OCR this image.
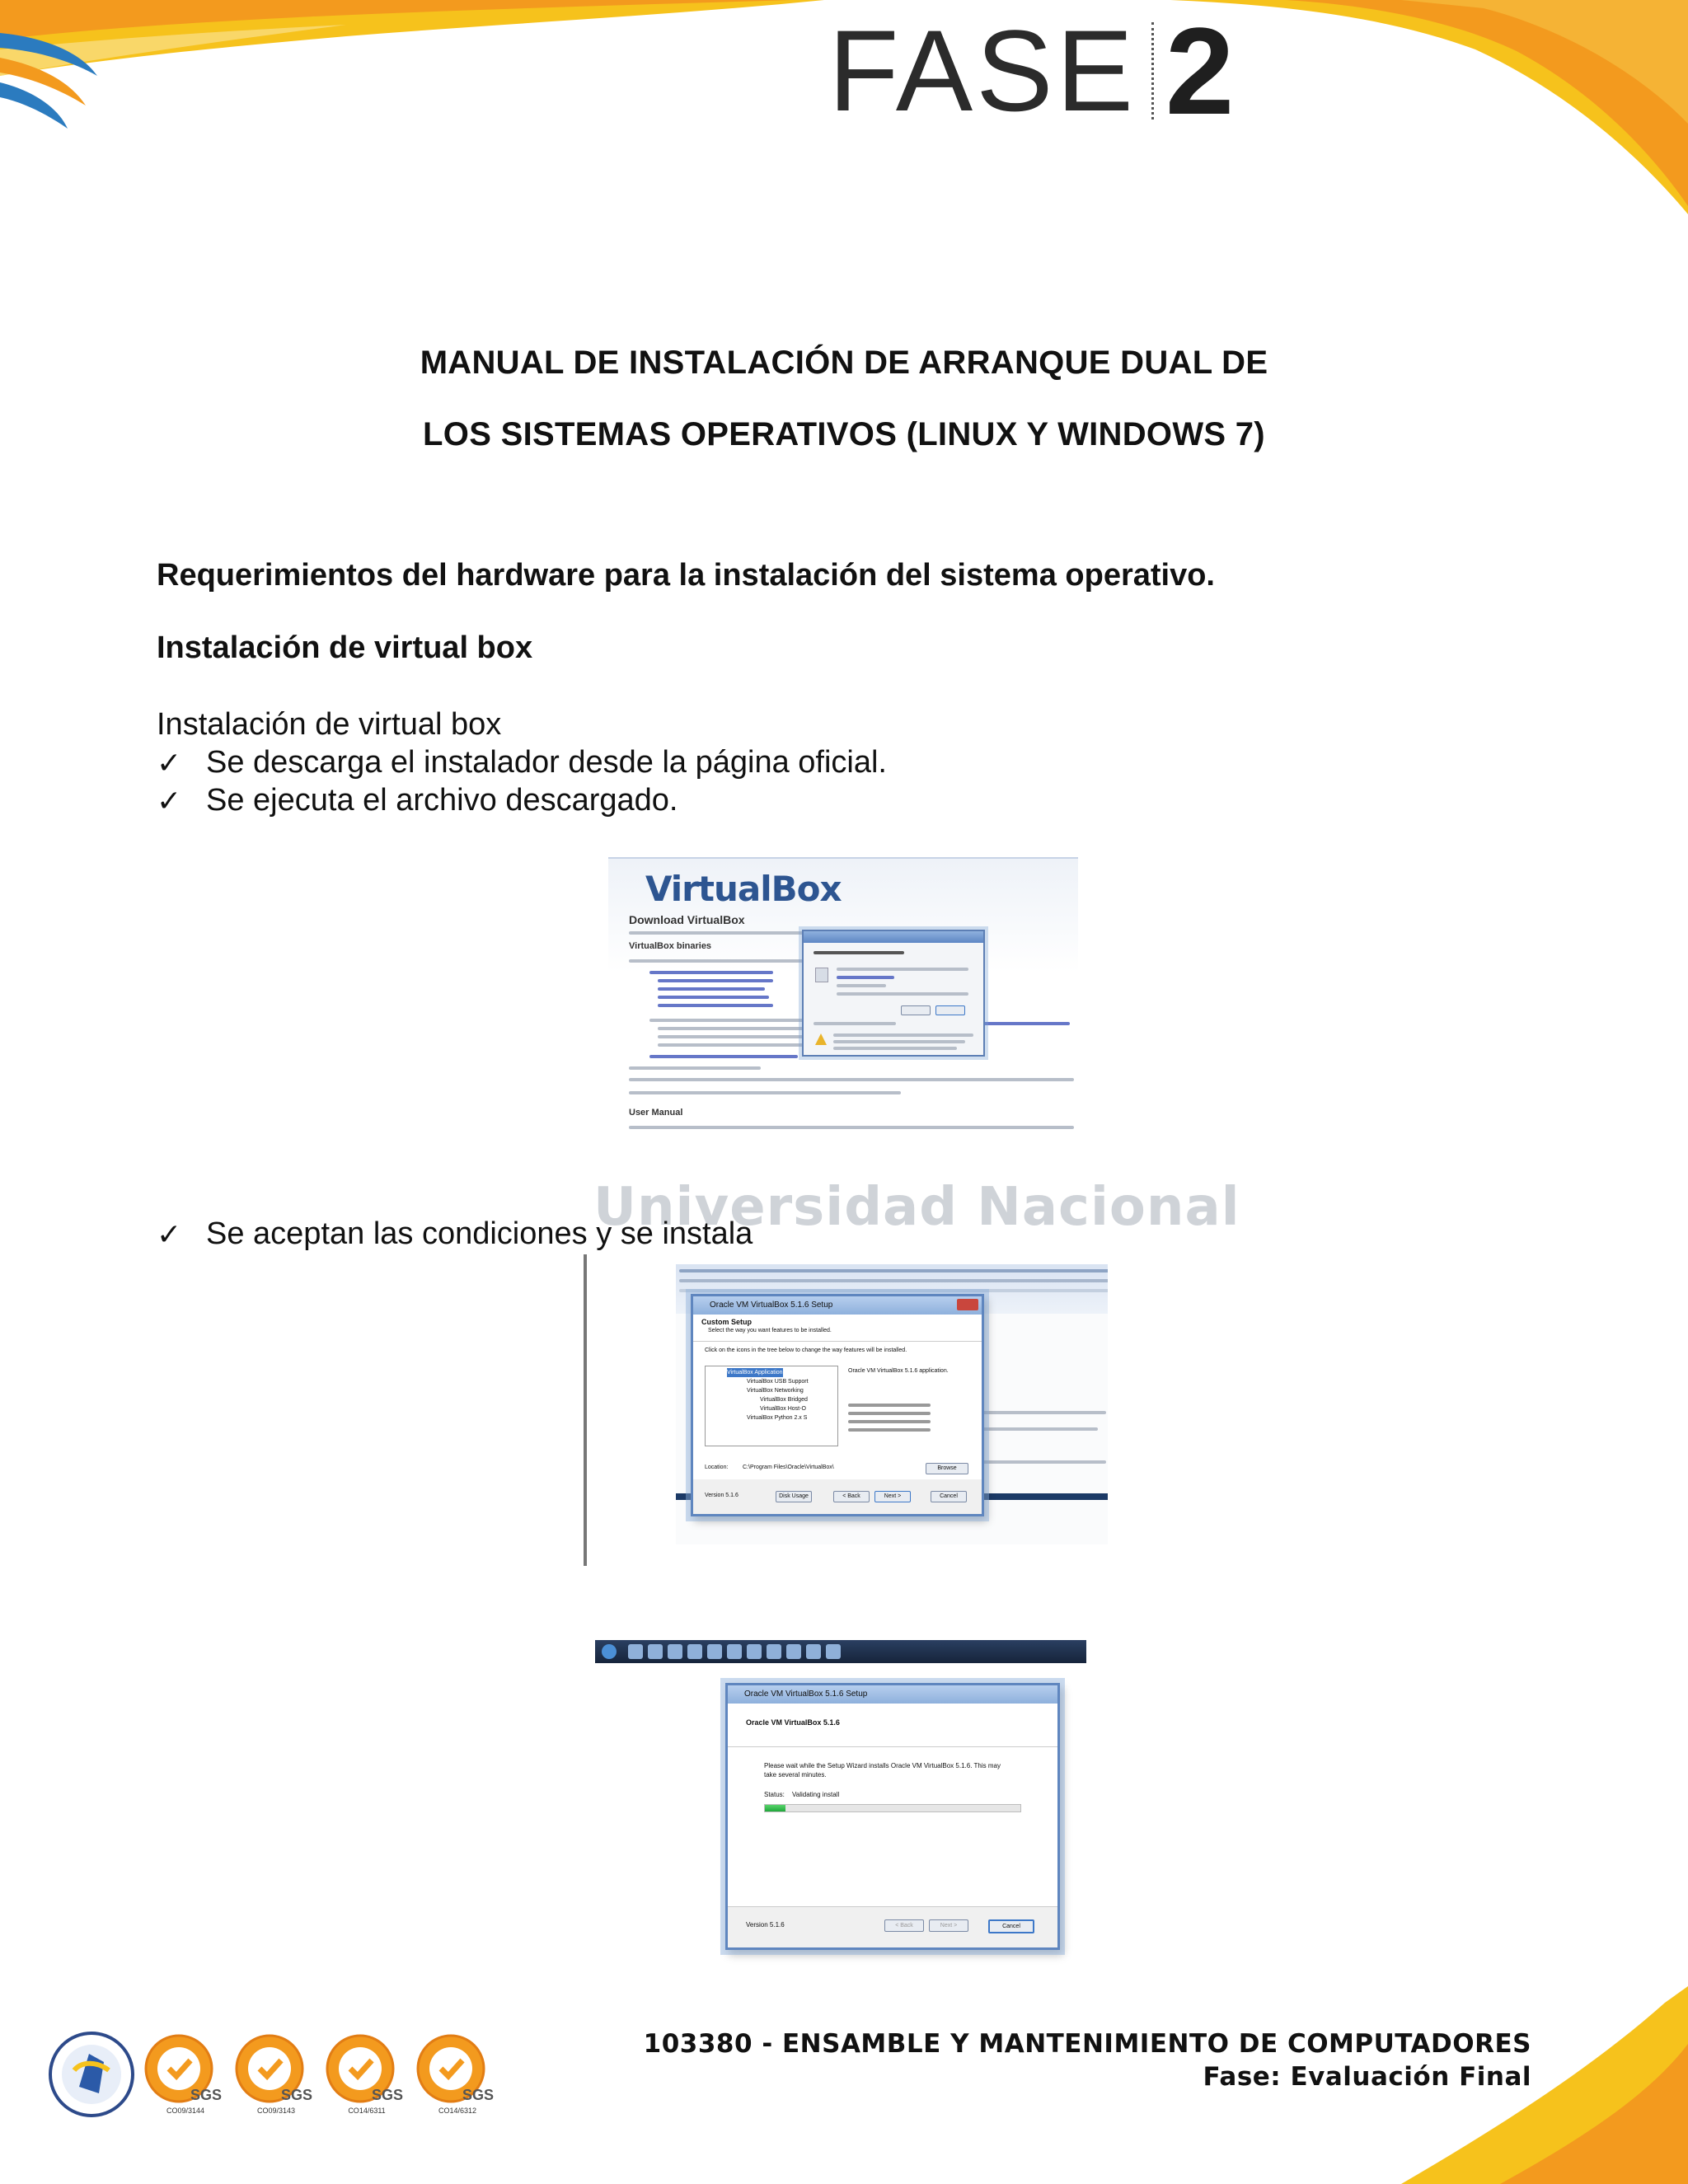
FASE 2
MANUAL DE INSTALACIÓN DE ARRANQUE DUAL DE
LOS SISTEMAS OPERATIVOS (LINUX Y WINDOWS 7)
Requerimientos del hardware para la instalación del sistema operativo.
Instalación de virtual box
Instalación de virtual box
✓ Se descarga el instalador desde la página oficial.
✓ Se ejecuta el archivo descargado.
VirtualBox
Download VirtualBox
VirtualBox binaries
User Manual
Universidad Nacional
✓ Se aceptan las condiciones y se instala
Oracle VM VirtualBox 5.1.6 Setup
Custom Setup
Select the way you want features to be installed.
Click on the icons in the tree below to change the way features will be installed.
VirtualBox Application
VirtualBox USB Support
VirtualBox Networking
VirtualBox Bridged
VirtualBox Host-O
VirtualBox Python 2.x S
Oracle VM VirtualBox 5.1.6 application.
Location:	C:\Program Files\Oracle\VirtualBox\	Browse
Version 5.1.6	Disk Usage	< Back	Next >	Cancel
Oracle VM VirtualBox 5.1.6 Setup
Oracle VM VirtualBox 5.1.6
Please wait while the Setup Wizard installs Oracle VM VirtualBox 5.1.6. This may take several minutes.
Status: Validating install
Version 5.1.6	< Back	Next >	Cancel
SGS
CO09/3144
SGS
CO09/3143
SGS
CO14/6311
SGS
CO14/6312
103380 - ENSAMBLE Y MANTENIMIENTO DE COMPUTADORES
Fase: Evaluación Final
